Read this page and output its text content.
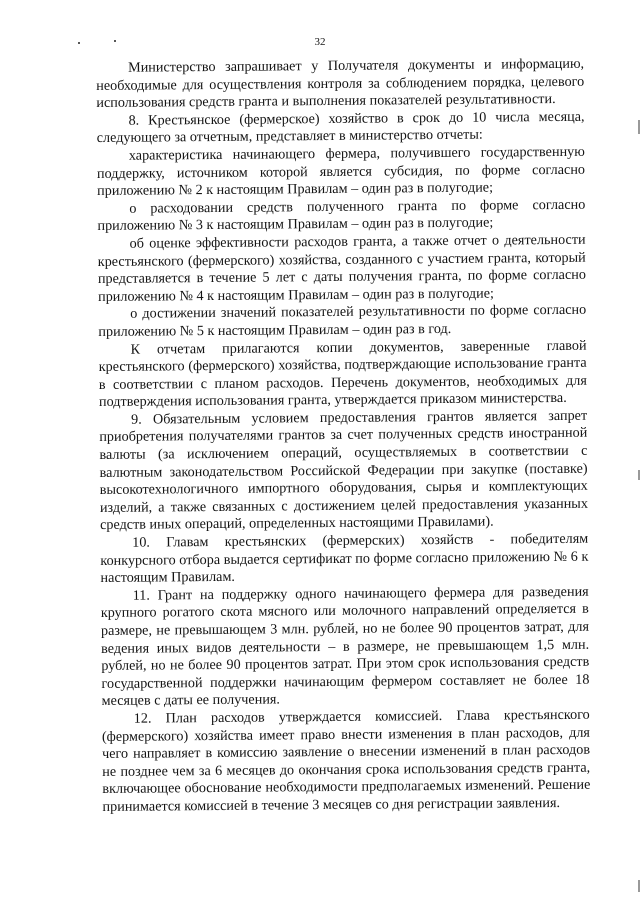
32

Министерство запрашивает у Получателя документы и информацию, необходимые для осуществления контроля за соблюдением порядка, целевого использования средств гранта и выполнения показателей результативности.

8. Крестьянское (фермерское) хозяйство в срок до 10 числа месяца, следующего за отчетным, представляет в министерство отчеты:

характеристика начинающего фермера, получившего государственную поддержку, источником которой является субсидия, по форме согласно приложению № 2 к настоящим Правилам – один раз в полугодие;

о расходовании средств полученного гранта по форме согласно приложению № 3 к настоящим Правилам – один раз в полугодие;

об оценке эффективности расходов гранта, а также отчет о деятельности крестьянского (фермерского) хозяйства, созданного с участием гранта, который представляется в течение 5 лет с даты получения гранта, по форме согласно приложению № 4 к настоящим Правилам – один раз в полугодие;

о достижении значений показателей результативности по форме согласно приложению № 5 к настоящим Правилам – один раз в год.

К отчетам прилагаются копии документов, заверенные главой крестьянского (фермерского) хозяйства, подтверждающие использование гранта в соответствии с планом расходов. Перечень документов, необходимых для подтверждения использования гранта, утверждается приказом министерства.

9. Обязательным условием предоставления грантов является запрет приобретения получателями грантов за счет полученных средств иностранной валюты (за исключением операций, осуществляемых в соответствии с валютным законодательством Российской Федерации при закупке (поставке) высокотехнологичного импортного оборудования, сырья и комплектующих изделий, а также связанных с достижением целей предоставления указанных средств иных операций, определенных настоящими Правилами).

10. Главам крестьянских (фермерских) хозяйств - победителям конкурсного отбора выдается сертификат по форме согласно приложению № 6 к настоящим Правилам.

11. Грант на поддержку одного начинающего фермера для разведения крупного рогатого скота мясного или молочного направлений определяется в размере, не превышающем 3 млн. рублей, но не более 90 процентов затрат, для ведения иных видов деятельности – в размере, не превышающем 1,5 млн. рублей, но не более 90 процентов затрат. При этом срок использования средств государственной поддержки начинающим фермером составляет не более 18 месяцев с даты ее получения.

12. План расходов утверждается комиссией. Глава крестьянского (фермерского) хозяйства имеет право внести изменения в план расходов, для чего направляет в комиссию заявление о внесении изменений в план расходов не позднее чем за 6 месяцев до окончания срока использования средств гранта, включающее обоснование необходимости предполагаемых изменений. Решение принимается комиссией в течение 3 месяцев со дня регистрации заявления.
